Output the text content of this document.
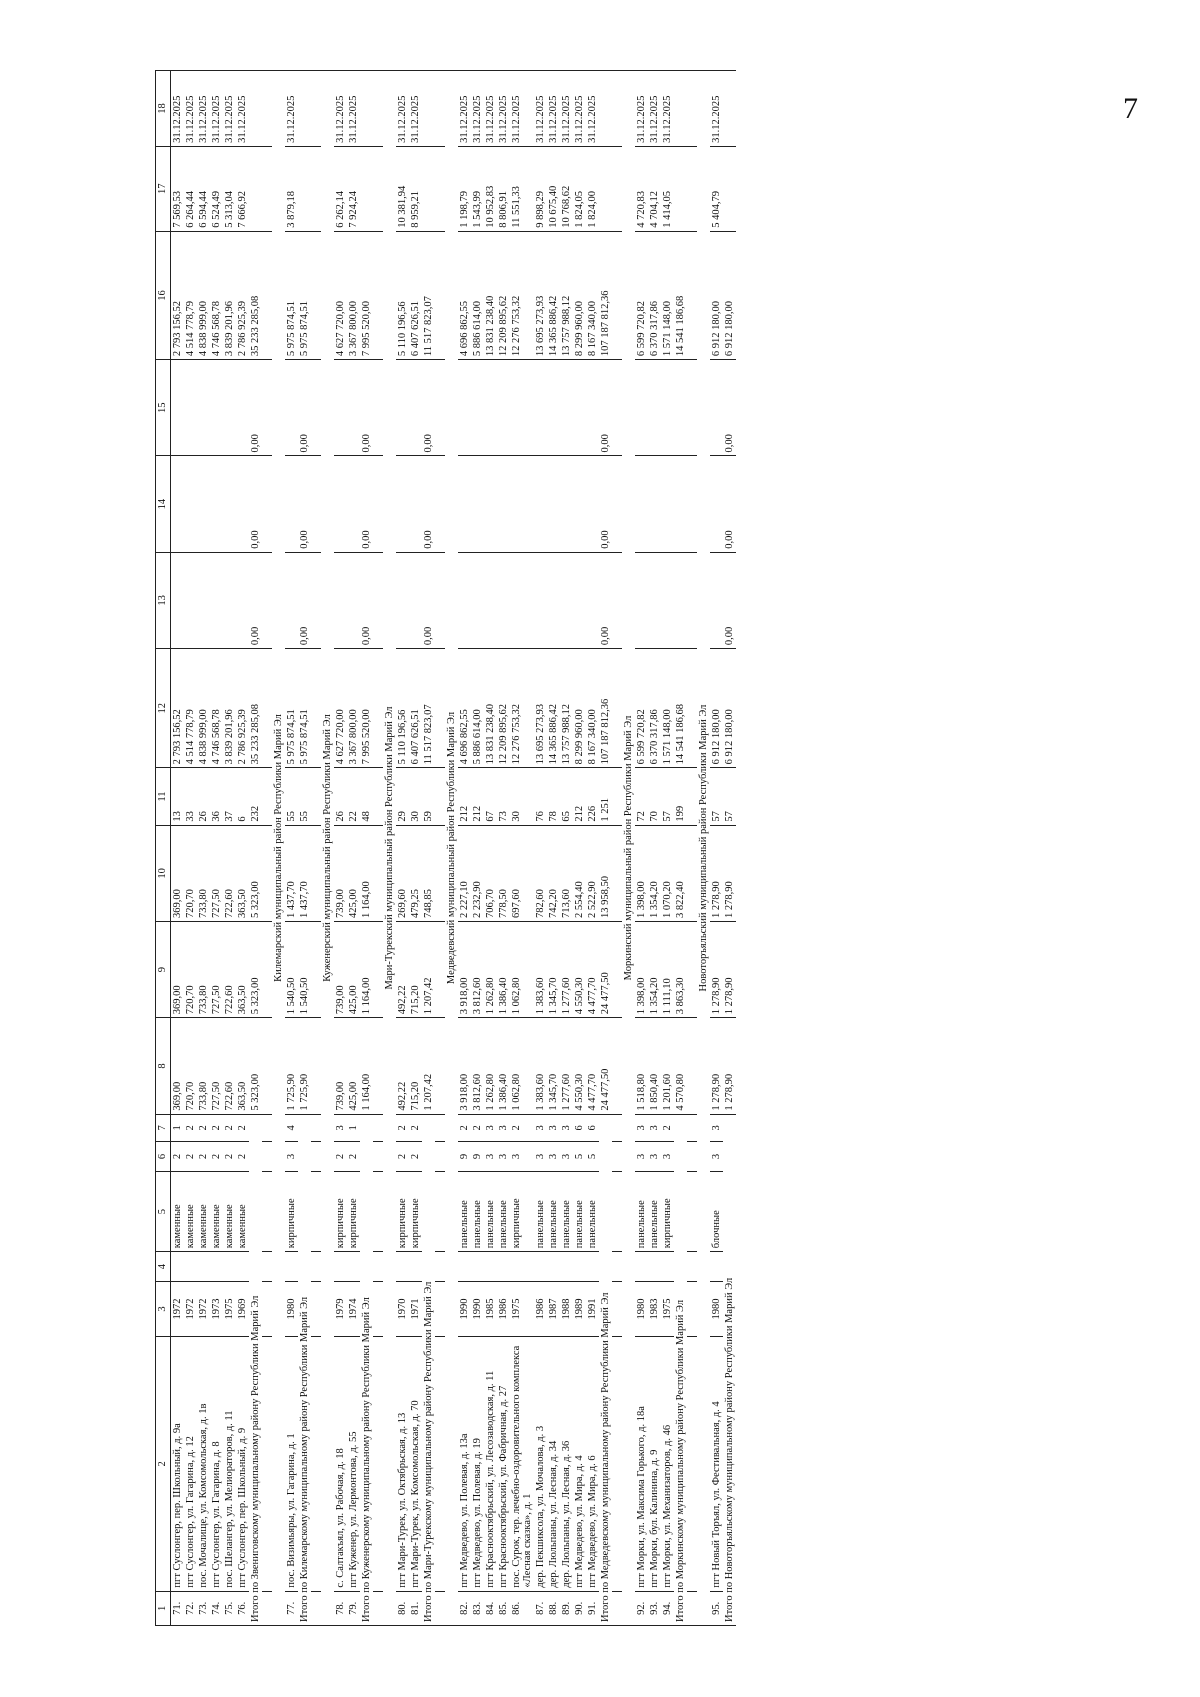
7
1	2	3	4	5	6	7	8	9	10	11	12	13	14	15	16	17	18
71.	пгт Суслонгер, пер. Школьный, д. 9а	1972		каменные	2	1	369,00	369,00	369,00	13	2 793 156,52				2 793 156,52	7 569,53	31.12.2025
72.	пгт Суслонгер, ул. Гагарина, д. 12	1972		каменные	2	2	720,70	720,70	720,70	33	4 514 778,79				4 514 778,79	6 264,44	31.12.2025
73.	пос. Мочалище, ул. Комсомольская, д. 1в	1972		каменные	2	2	733,80	733,80	733,80	26	4 838 999,00				4 838 999,00	6 594,44	31.12.2025
74.	пгт Суслонгер, ул. Гагарина, д. 8	1973		каменные	2	2	727,50	727,50	727,50	36	4 746 568,78				4 746 568,78	6 524,49	31.12.2025
75.	пос. Шелангер, ул. Мелиораторов, д. 11	1975		каменные	2	2	722,60	722,60	722,60	37	3 839 201,96				3 839 201,96	5 313,04	31.12.2025
76.	пгт Суслонгер, пер. Школьный, д. 9	1969		каменные	2	2	363,50	363,50	363,50	6	2 786 925,39				2 786 925,39	7 666,92	31.12.2025
Итого по Звениговскому муниципальному району Республики Марий Эл							5 323,00	5 323,00	5 323,00	232	35 233 285,08	0,00	0,00	0,00	35 233 285,08		

Килемарский муниципальный район Республики Марий Эл																	
77.	пос. Визимьяры, ул. Гагарина, д. 1	1980		кирпичные	3	4	1 725,90	1 540,50	1 437,70	55	5 975 874,51				5 975 874,51	3 879,18	31.12.2025
Итого по Килемарскому муниципальному району Республики Марий Эл							1 725,90	1 540,50	1 437,70	55	5 975 874,51	0,00	0,00	0,00	5 975 874,51		

Куженерский муниципальный район Республики Марий Эл																	
78.	с. Салтакъял, ул. Рабочая, д. 18	1979		кирпичные	2	3	739,00	739,00	739,00	26	4 627 720,00				4 627 720,00	6 262,14	31.12.2025
79.	пгт Куженер, ул. Лермонтова, д. 55	1974		кирпичные	2	1	425,00	425,00	425,00	22	3 367 800,00				3 367 800,00	7 924,24	31.12.2025
Итого по Куженерскому муниципальному району Республики Марий Эл							1 164,00	1 164,00	1 164,00	48	7 995 520,00	0,00	0,00	0,00	7 995 520,00		

Мари-Турекский муниципальный район Республики Марий Эл																	
80.	пгт Мари-Турек, ул. Октябрьская, д. 13	1970		кирпичные	2	2	492,22	492,22	269,60	29	5 110 196,56				5 110 196,56	10 381,94	31.12.2025
81.	пгт Мари-Турек, ул. Комсомольская, д. 70	1971		кирпичные	2	2	715,20	715,20	479,25	30	6 407 626,51				6 407 626,51	8 959,21	31.12.2025
Итого по Мари-Турекскому муниципальному району Республики Марий Эл							1 207,42	1 207,42	748,85	59	11 517 823,07	0,00	0,00	0,00	11 517 823,07		

Медведевский муниципальный район Республики Марий Эл																	
82.	пгт Медведево, ул. Полевая, д. 13а	1990		панельные	9	2	3 918,00	3 918,00	2 227,10	212	4 696 862,55				4 696 862,55	1 198,79	31.12.2025
83.	пгт Медведево, ул. Полевая, д. 19	1990		панельные	9	2	3 812,60	3 812,60	2 232,90	212	5 886 614,00				5 886 614,00	1 543,99	31.12.2025
84.	пгт Краснооктябрьский, ул. Лесозаводская, д. 11	1985		панельные	3	3	1 262,80	1 262,80	706,70	67	13 831 238,40				13 831 238,40	10 952,83	31.12.2025
85.	пгт Краснооктябрьский, ул. Фабричная, д. 27	1986		панельные	3	3	1 386,40	1 386,40	778,50	73	12 209 895,62				12 209 895,62	8 806,91	31.12.2025
86.	пос. Сурок, тер. лечебно-оздоровительного комплекса «Лесная сказка», д. 1	1975		кирпичные	3	2	1 062,80	1 062,80	697,60	30	12 276 753,32				12 276 753,32	11 551,33	31.12.2025
87.	дер. Пекшиксола, ул. Мочалова, д. 3	1986		панельные	3	3	1 383,60	1 383,60	782,60	76	13 695 273,93				13 695 273,93	9 898,29	31.12.2025
88.	дер. Люльпаны, ул. Лесная, д. 34	1987		панельные	3	3	1 345,70	1 345,70	742,20	78	14 365 886,42				14 365 886,42	10 675,40	31.12.2025
89.	дер. Люльпаны, ул. Лесная, д. 36	1988		панельные	3	3	1 277,60	1 277,60	713,60	65	13 757 988,12				13 757 988,12	10 768,62	31.12.2025
90.	пгт Медведево, ул. Мира, д. 4	1989		панельные	5	6	4 550,30	4 550,30	2 554,40	212	8 299 960,00				8 299 960,00	1 824,05	31.12.2025
91.	пгт Медведево, ул. Мира, д. 6	1991		панельные	5	6	4 477,70	4 477,70	2 522,90	226	8 167 340,00				8 167 340,00	1 824,00	31.12.2025
Итого по Медведевскому муниципальному району Республики Марий Эл							24 477,50	24 477,50	13 958,50	1 251	107 187 812,36	0,00	0,00	0,00	107 187 812,36		

Моркинский муниципальный район Республики Марий Эл																	
92.	пгт Морки, ул. Максима Горького, д. 18а	1980		панельные	3	3	1 518,80	1 398,00	1 398,00	72	6 599 720,82				6 599 720,82	4 720,83	31.12.2025
93.	пгт Морки, бул. Калинина, д. 9	1983		панельные	3	3	1 850,40	1 354,20	1 354,20	70	6 370 317,86				6 370 317,86	4 704,12	31.12.2025
94.	пгт Морки, ул. Механизаторов, д. 46	1975		кирпичные	3	2	1 201,60	1 111,10	1 070,20	57	1 571 148,00				1 571 148,00	1 414,05	31.12.2025
Итого по Моркинскому муниципальному району Республики Марий Эл							4 570,80	3 863,30	3 822,40	199	14 541 186,68				14 541 186,68		

Новоторъяльский муниципальный район Республики Марий Эл																	
95.	пгт Новый Торъял, ул. Фестивальная, д. 4	1980		блочные	3	3	1 278,90	1 278,90	1 278,90	57	6 912 180,00				6 912 180,00	5 404,79	31.12.2025
Итого по Новоторъяльскому муниципальному району Республики Марий Эл							1 278,90	1 278,90	1 278,90	57	6 912 180,00	0,00	0,00	0,00	6 912 180,00		
